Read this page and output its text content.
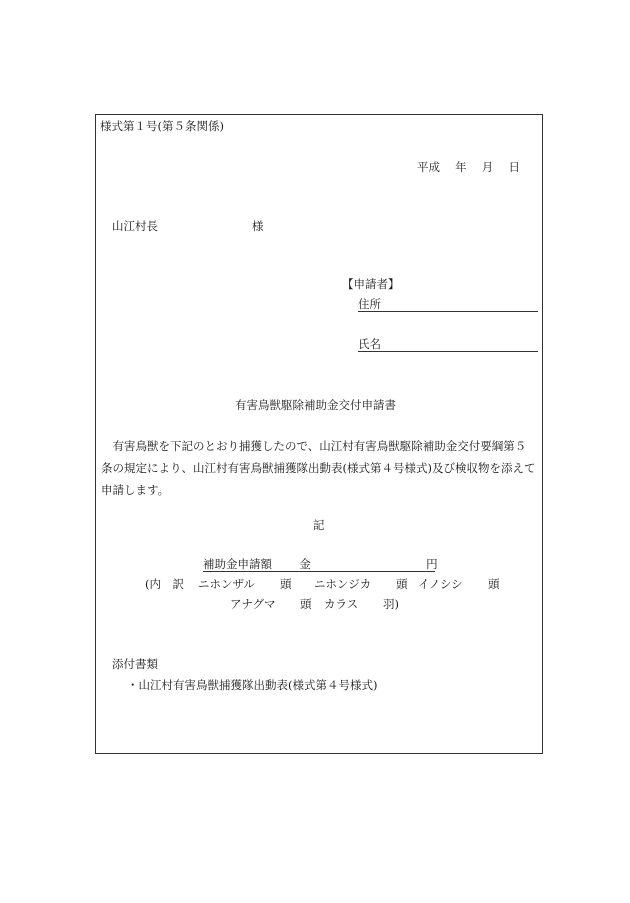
様式第１号(第５条関係)

平成　 年　 月　 日

山江村長	様

【申請者】

住所

氏名

有害鳥獣駆除補助金交付申請書

有害鳥獣を下記のとおり捕獲したので、山江村有害鳥獣駆除補助金交付要綱第５条の規定により、山江村有害鳥獣捕獲隊出動表(様式第４号様式)及び検収物を添えて申請します。

記

補助金申請額 金	円

(内　訳 ニホンザル 頭 ニホンジカ 頭 イノシシ 頭

アナグマ 頭 カラス 羽)

添付書類

・山江村有害鳥獣捕獲隊出動表(様式第４号様式)
